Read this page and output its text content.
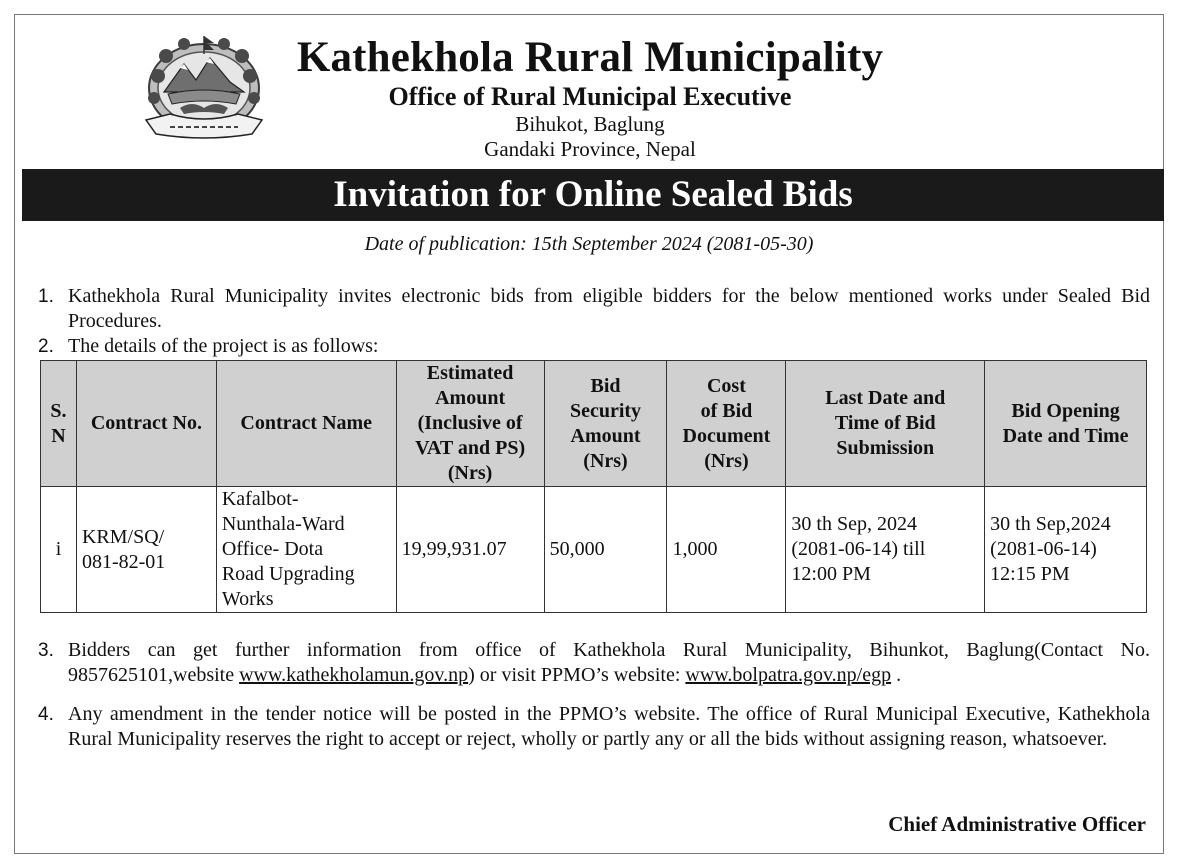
Kathekhola Rural Municipality
Office of Rural Municipal Executive
Bihukot, Baglung
Gandaki Province, Nepal
Invitation for Online Sealed Bids
Date of publication: 15th September 2024 (2081-05-30)
1. Kathekhola Rural Municipality invites electronic bids from eligible bidders for the below mentioned works under Sealed Bid Procedures.
2. The details of the project is as follows:
S.
N	Contract No.	Contract Name	Estimated
Amount
(Inclusive of
VAT and PS)
(Nrs)	Bid
Security
Amount
(Nrs)	Cost
of Bid
Document
(Nrs)	Last Date and
Time of Bid
Submission	Bid Opening
Date and Time
i	KRM/SQ/
081-82-01	Kafalbot-
Nunthala-Ward
Office- Dota
Road Upgrading
Works	19,99,931.07	50,000	1,000	30 th Sep, 2024
(2081-06-14) till
12:00 PM	30 th Sep,2024
(2081-06-14)
12:15 PM
3. Bidders can get further information from office of Kathekhola Rural Municipality, Bihunkot, Baglung(Contact No. 9857625101,website www.kathekholamun.gov.np) or visit PPMO’s website: www.bolpatra.gov.np/egp .
4. Any amendment in the tender notice will be posted in the PPMO’s website. The office of Rural Municipal Executive, Kathekhola Rural Municipality reserves the right to accept or reject, wholly or partly any or all the bids without assigning reason, whatsoever.
Chief Administrative Officer
